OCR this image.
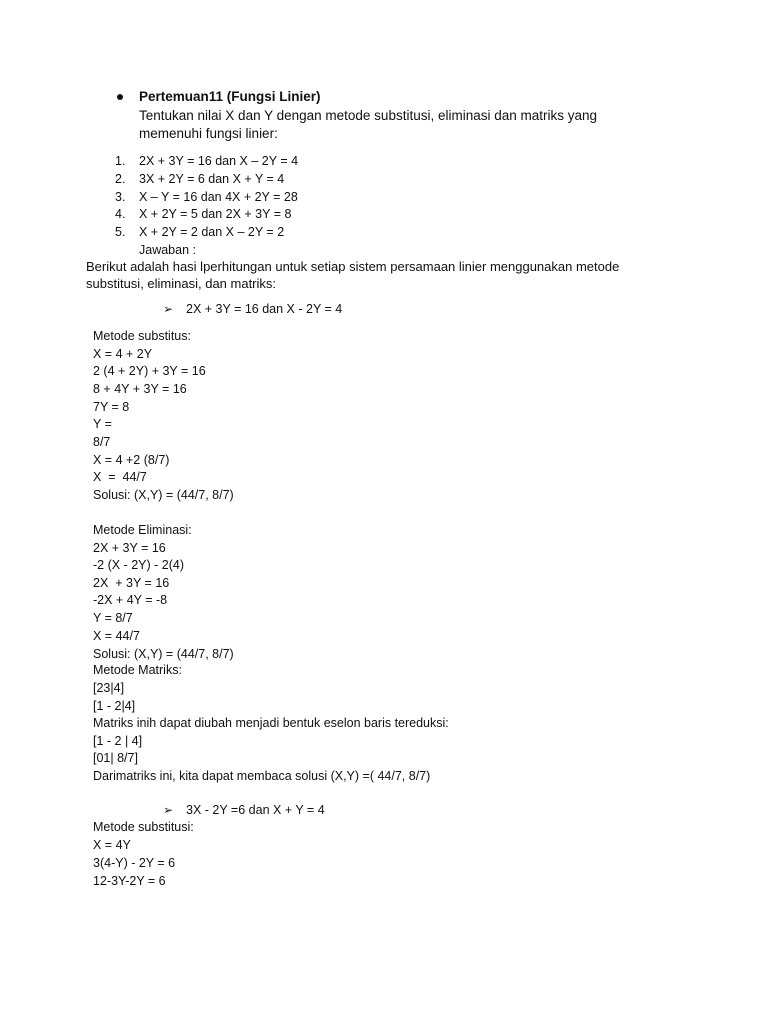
Pertemuan11 (Fungsi Linier)
Tentukan nilai X dan Y dengan metode substitusi, eliminasi dan matriks yang
memenuhi fungsi linier:
1. 2X + 3Y = 16 dan X – 2Y = 4
2. 3X + 2Y = 6 dan X + Y = 4
3. X – Y = 16 dan 4X + 2Y = 28
4. X + 2Y = 5 dan 2X + 3Y = 8
5. X + 2Y = 2 dan X – 2Y = 2
Jawaban :
Berikut adalah hasi lperhitungan untuk setiap sistem persamaan linier menggunakan metode
substitusi, eliminasi, dan matriks:
➢ 2X + 3Y = 16 dan X - 2Y = 4
Metode substitus:
X = 4 + 2Y
2 (4 + 2Y) + 3Y = 16
8 + 4Y + 3Y = 16
7Y = 8
Y =
8/7
X = 4 +2 (8/7)
X  =  44/7
Solusi: (X,Y) = (44/7, 8/7)
Metode Eliminasi:
2X + 3Y = 16
-2 (X - 2Y) - 2(4)
2X  + 3Y = 16
-2X + 4Y = -8
Y = 8/7
X = 44/7
Solusi: (X,Y) = (44/7, 8/7)
Metode Matriks:
[23|4]
[1 - 2|4]
Matriks inih dapat diubah menjadi bentuk eselon baris tereduksi:
[1 - 2 | 4]
[01| 8/7]
Darimatriks ini, kita dapat membaca solusi (X,Y) =( 44/7, 8/7)
➢ 3X - 2Y =6 dan X + Y = 4
Metode substitusi:
X = 4Y
3(4-Y) - 2Y = 6
12-3Y-2Y = 6
